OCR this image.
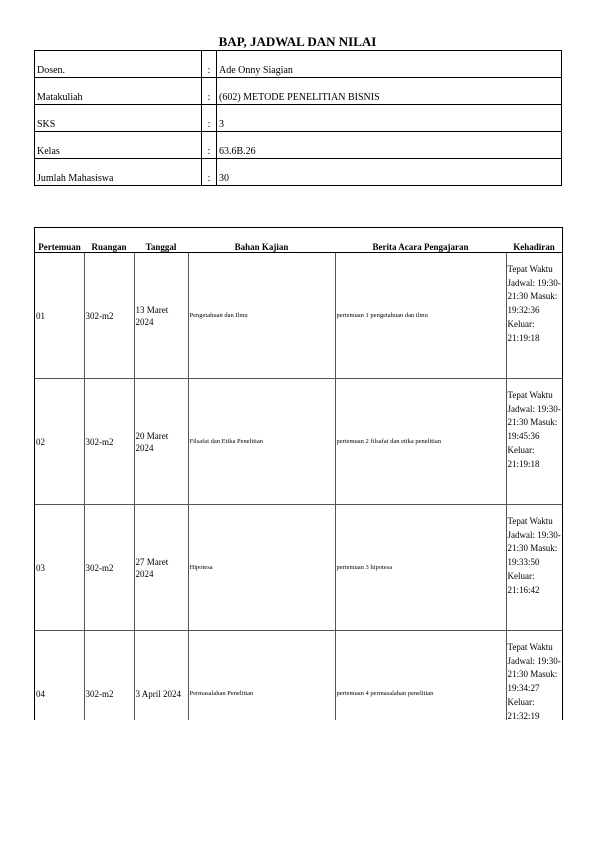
BAP, JADWAL DAN NILAI
Dosen.	:	Ade Onny Siagian
Matakuliah	:	(602) METODE PENELITIAN BISNIS
SKS	:	3
Kelas	:	63.6B.26
Jumlah Mahasiswa	:	30
Pertemuan	Ruangan	Tanggal	Bahan Kajian	Berita Acara Pengajaran	Kehadiran
01	302-m2	13 Maret 2024	Pengetahuan dan Ilmu	pertemuan 1 pengetahuan dan ilmu	Tepat Waktu Jadwal: 19:30-21:30 Masuk: 19:32:36 Keluar: 21:19:18
02	302-m2	20 Maret 2024	Filsafat dan Etika Penelitian	pertemuan 2 filsafat dan etika penelitian	Tepat Waktu Jadwal: 19:30-21:30 Masuk: 19:45:36 Keluar: 21:19:18
03	302-m2	27 Maret 2024	Hipotesa	pertemuan 3 hipotesa	Tepat Waktu Jadwal: 19:30-21:30 Masuk: 19:33:50 Keluar: 21:16:42
04	302-m2	3 April 2024	Permasalahan Penelitian	pertemuan 4 permasalahan penelitian	Tepat Waktu Jadwal: 19:30-21:30 Masuk: 19:34:27 Keluar: 21:32:19
